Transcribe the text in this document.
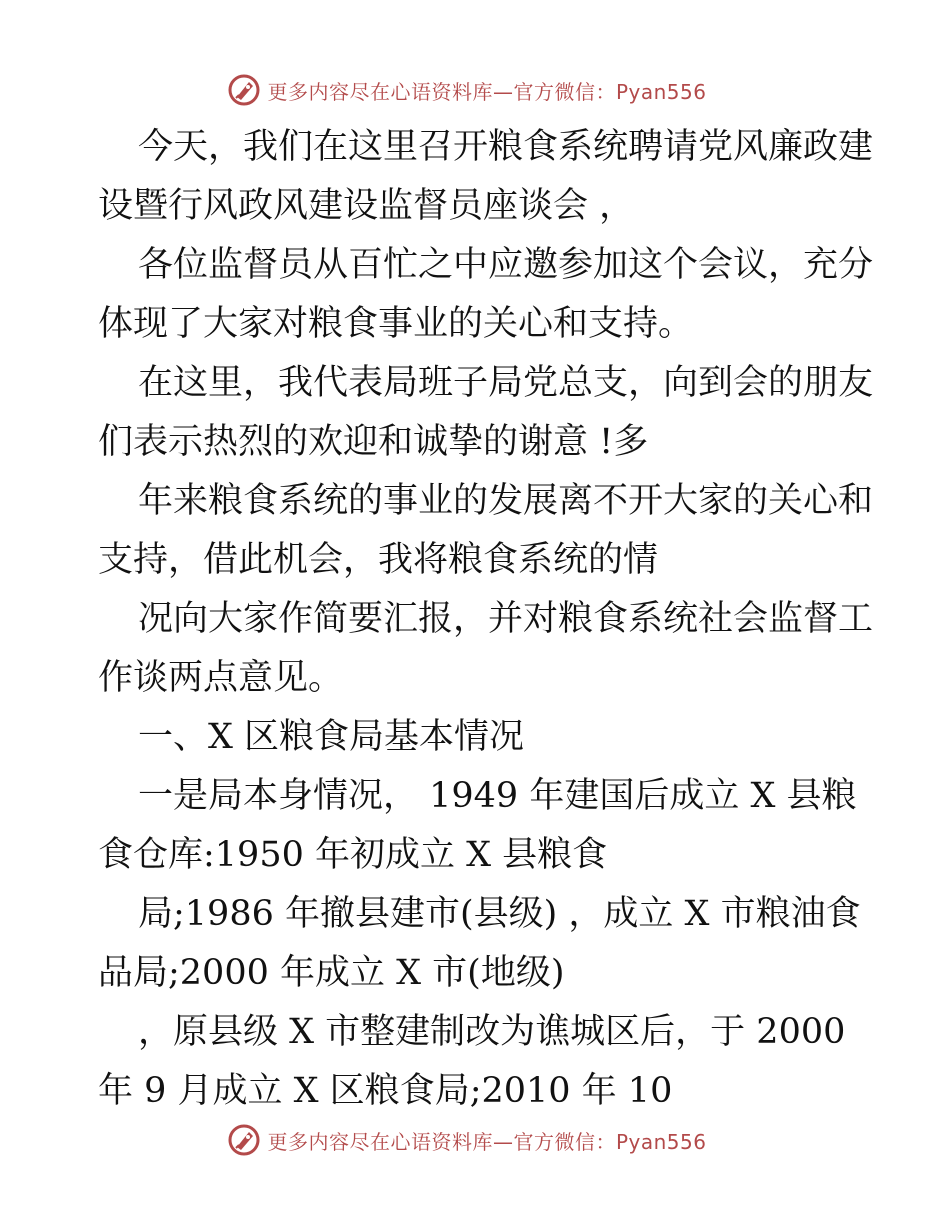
更多内容尽在心语资料库—官方微信：Pyan556
今天，我们在这里召开粮食系统聘请党风廉政建
设暨行风政风建设监督员座谈会 ，
各位监督员从百忙之中应邀参加这个会议，充分
体现了大家对粮食事业的关心和支持。
在这里，我代表局班子局党总支，向到会的朋友
们表示热烈的欢迎和诚挚的谢意 !多
年来粮食系统的事业的发展离不开大家的关心和
支持，借此机会，我将粮食系统的情
况向大家作简要汇报，并对粮食系统社会监督工
作谈两点意见。
一、X 区粮食局基本情况
一是局本身情况， 1949 年建国后成立 X 县粮
食仓库:1950 年初成立 X 县粮食
局;1986 年撤县建市(县级) ，成立 X 市粮油食
品局;2000 年成立 X 市(地级)
，原县级 X 市整建制改为谯城区后，于 2000
年 9 月成立 X 区粮食局;2010 年 10
更多内容尽在心语资料库—官方微信：Pyan556
